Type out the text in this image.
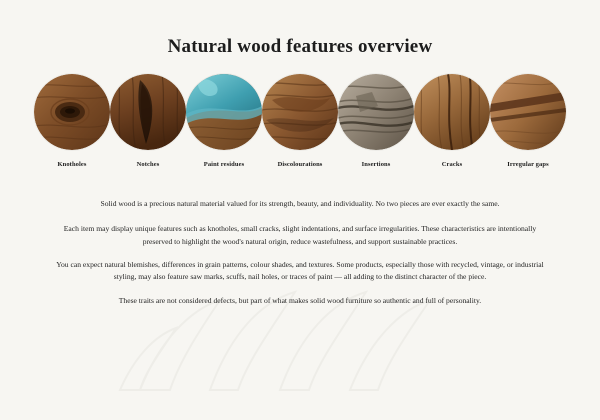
Natural wood features overview
Knotholes	Notches	Paint residues	Discolourations	Insertions	Cracks	Irregular gaps

Solid wood is a precious natural material valued for its strength, beauty, and individuality. No two pieces are ever exactly the same.

Each item may display unique features such as knotholes, small cracks, slight indentations, and surface irregularities. These characteristics are intentionally preserved to highlight the wood's natural origin, reduce wastefulness, and support sustainable practices.

You can expect natural blemishes, differences in grain patterns, colour shades, and textures. Some products, especially those with recycled, vintage, or industrial styling, may also feature saw marks, scuffs, nail holes, or traces of paint — all adding to the distinct character of the piece.

These traits are not considered defects, but part of what makes solid wood furniture so authentic and full of personality.
